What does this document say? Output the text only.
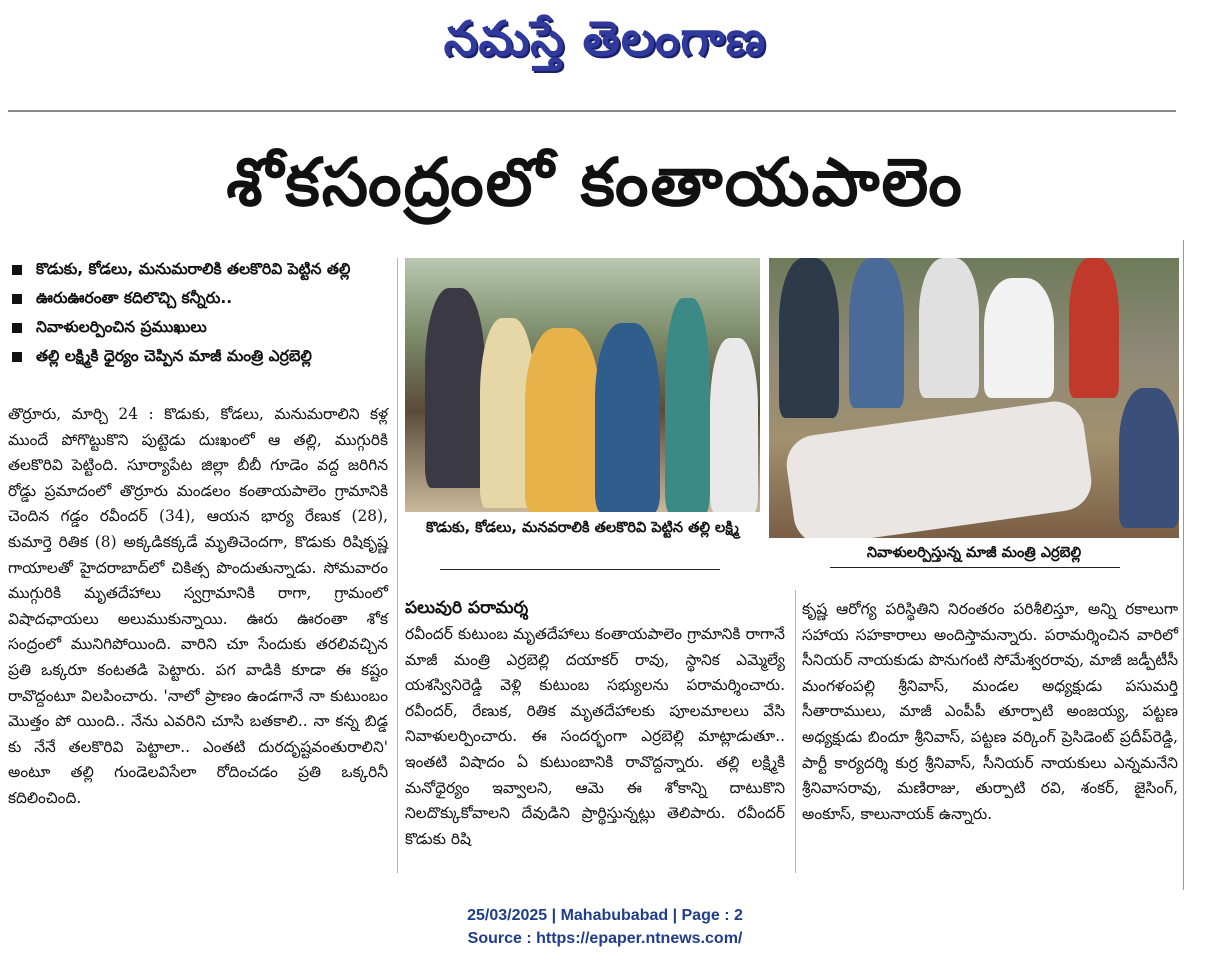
నమస్తే తెలంగాణ
శోకసంద్రంలో కంతాయపాలెం
కొడుకు, కోడలు, మనుమరాలికి తలకొరివి పెట్టిన తల్లి
ఊరుఊరంతా కదిలొచ్చి కన్నీరు..
నివాళులర్పించిన ప్రముఖులు
తల్లి లక్ష్మికి ధైర్యం చెప్పిన మాజీ మంత్రి ఎర్రబెల్లి

తొర్రూరు, మార్చి 24 : కొడుకు, కోడలు, మనుమరాలిని కళ్ల ముందే పోగొట్టుకొని పుట్టెడు దుఃఖంలో ఆ తల్లి, ముగ్గురికి తలకొరివి పెట్టింది. సూర్యాపేట జిల్లా బీబీ గూడెం వద్ద జరిగిన రోడ్డు ప్రమాదంలో తొర్రూరు మండలం కంతాయపాలెం గ్రామానికి చెందిన గడ్డం రవీందర్ (34), ఆయన భార్య రేణుక (28), కుమార్తె రితిక (8) అక్కడికక్కడే మృతిచెందగా, కొడుకు రిషికృష్ణ గాయాలతో హైదరాబాద్‌లో చికిత్స పొందుతున్నాడు. సోమవారం ముగ్గురికి మృతదేహాలు స్వగ్రామానికి రాగా, గ్రామంలో విషాదఛాయలు అలుముకున్నాయి. ఊరు ఊరంతా శోక సంద్రంలో మునిగిపోయింది. వారిని చూ సేందుకు తరలివచ్చిన ప్రతి ఒక్కరూ కంటతడి పెట్టారు. పగ వాడికి కూడా ఈ కష్టం రావొద్దంటూ విలపించారు. 'నాలో ప్రాణం ఉండగానే నా కుటుంబం మొత్తం పో యింది.. నేను ఎవరిని చూసి బతకాలి.. నా కన్న బిడ్డ కు నేనే తలకొరివి పెట్టాలా.. ఎంతటి దురదృష్టవంతురాలిని' అంటూ తల్లి గుండెలవిసేలా రోదించడం ప్రతి ఒక్కరినీ కదిలించింది.

కొడుకు, కోడలు, మనవరాలికి తలకొరివి పెట్టిన తల్లి లక్ష్మి
నివాళులర్పిస్తున్న మాజీ మంత్రి ఎర్రబెల్లి
పలువురి పరామర్శ

రవీందర్ కుటుంబ మృతదేహాలు కంతాయపాలెం గ్రామానికి రాగానే మాజీ మంత్రి ఎర్రబెల్లి దయాకర్ రావు, స్థానిక ఎమ్మెల్యే యశస్వినిరెడ్డి వెళ్లి కుటుంబ సభ్యులను పరామర్శించారు. రవీందర్, రేణుక, రితిక మృతదేహాలకు పూలమాలలు వేసి నివాళులర్పించారు. ఈ సందర్భంగా ఎర్రబెల్లి మాట్లాడుతూ.. ఇంతటి విషాదం ఏ కుటుంబానికి రావొద్దన్నారు. తల్లి లక్ష్మికి మనోధైర్యం ఇవ్వాలని, ఆమె ఈ శోకాన్ని దాటుకొని నిలదొక్కుకోవాలని దేవుడిని ప్రార్థిస్తున్నట్లు తెలిపారు. రవీందర్ కొడుకు రిషి

కృష్ణ ఆరోగ్య పరిస్థితిని నిరంతరం పరిశీలిస్తూ, అన్ని రకాలుగా సహాయ సహకారాలు అందిస్తామన్నారు. పరామర్శించిన వారిలో సీనియర్ నాయకుడు పొనుగంటి సోమేశ్వరరావు, మాజీ జడ్పీటీసీ మంగళంపల్లి శ్రీనివాస్, మండల అధ్యక్షుడు పసుమర్తి సీతారాములు, మాజీ ఎంపీపీ తూర్పాటి అంజయ్య, పట్టణ అధ్యక్షుడు బిందూ శ్రీనివాస్, పట్టణ వర్కింగ్ ప్రెసిడెంట్ ప్రదీప్‌రెడ్డి, పార్టీ కార్యదర్శి కుర్ర శ్రీనివాస్, సీనియర్ నాయకులు ఎన్నమనేని శ్రీనివాసరావు, మణిరాజు, తుర్పాటి రవి, శంకర్, జైసింగ్, అంకూస్, కాలునాయక్ ఉన్నారు.

25/03/2025 | Mahabubabad | Page : 2
Source : https://epaper.ntnews.com/
